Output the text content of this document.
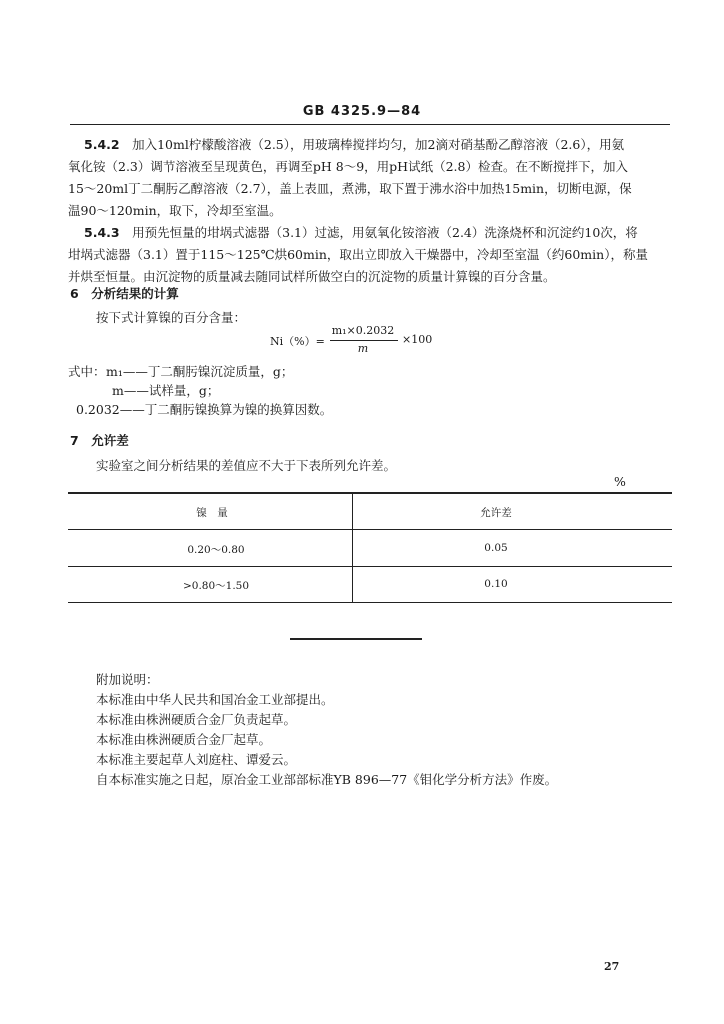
GB 4325.9—84
5.4.2　 加入10ml柠檬酸溶液（2.5），用玻璃棒搅拌均匀，加2滴对硝基酚乙醇溶液（2.6），用氨
氧化铵（2.3）调节溶液至呈现黄色，再调至pH 8～9，用pH试纸（2.8）检查。在不断搅拌下，加入
15～20ml丁二酮肟乙醇溶液（2.7），盖上表皿，煮沸，取下置于沸水浴中加热15min，切断电源，保
温90～120min，取下，冷却至室温。
5.4.3　 用预先恒量的坩埚式滤器（3.1）过滤，用氨氧化铵溶液（2.4）洗涤烧杯和沉淀约10次，将
坩埚式滤器（3.1）置于115～125℃烘60min，取出立即放入干燥器中，冷却至室温（约60min），称量
并烘至恒量。由沉淀物的质量减去随同试样所做空白的沉淀物的质量计算镍的百分含量。
6　分析结果的计算
按下式计算镍的百分含量：
Ni（%）=
m₁×0.2032
m
×100
式中： m₁——丁二酮肟镍沉淀质量，g；
m——试样量，g；
0.2032——丁二酮肟镍换算为镍的换算因数。
7　允许差
实验室之间分析结果的差值应不大于下表所列允许差。
%
镍　量	允许差
0.20～0.80	0.05
>0.80～1.50	0.10
附加说明：
本标准由中华人民共和国冶金工业部提出。
本标准由株洲硬质合金厂负责起草。
本标准由株洲硬质合金厂起草。
本标准主要起草人刘庭柱、谭爱云。
自本标准实施之日起，原冶金工业部部标准YB 896—77《钼化学分析方法》作废。
27
